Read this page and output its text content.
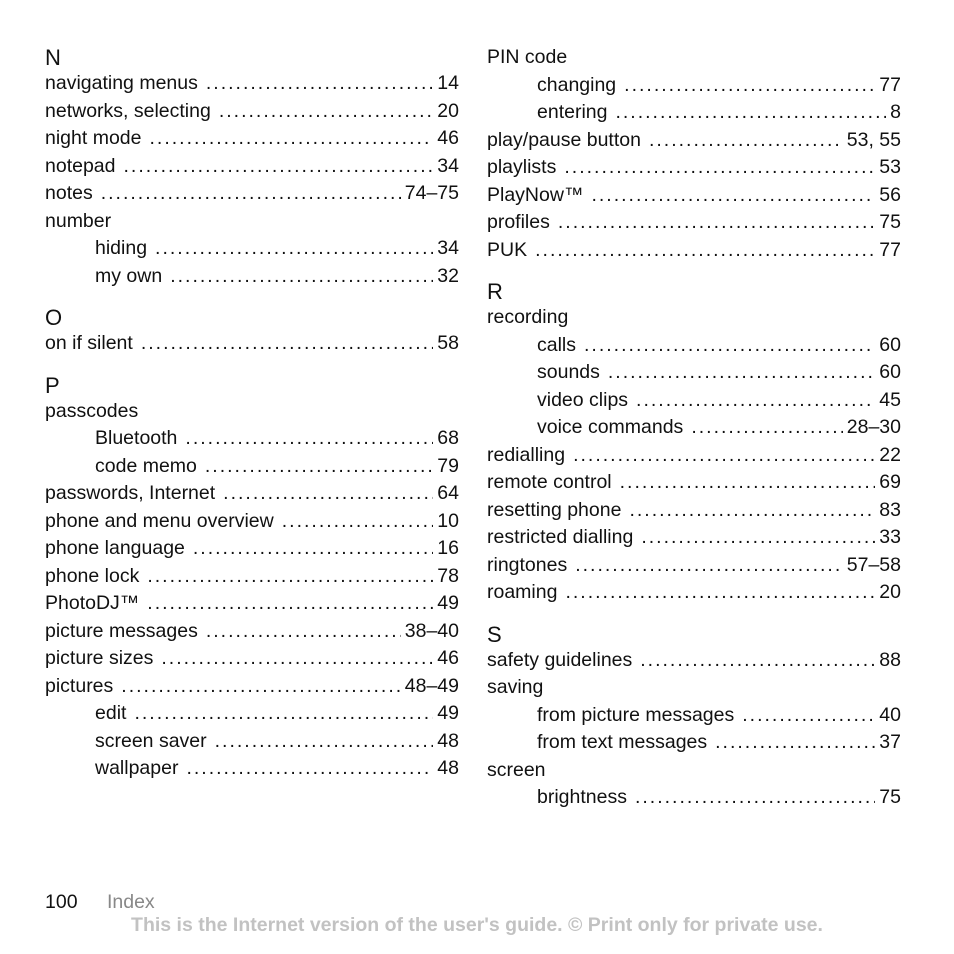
N
navigating menus .....	14
networks, selecting .....	20
night mode .....	46
notepad .....	34
notes .....	74–75
number
hiding .....	34
my own .....	32
O
on if silent .....	58
P
passcodes
Bluetooth .....	68
code memo .....	79
passwords, Internet .....	64
phone and menu overview .....	10
phone language .....	16
phone lock .....	78
PhotoDJ™ .....	49
picture messages .....	38–40
picture sizes .....	46
pictures .....	48–49
edit .....	49
screen saver .....	48
wallpaper .....	48
PIN code
changing .....	77
entering .....	8
play/pause button .....	53, 55
playlists .....	53
PlayNow™ .....	56
profiles .....	75
PUK .....	77
R
recording
calls .....	60
sounds .....	60
video clips .....	45
voice commands .....	28–30
redialling .....	22
remote control .....	69
resetting phone .....	83
restricted dialling .....	33
ringtones .....	57–58
roaming .....	20
S
safety guidelines .....	88
saving
from picture messages .....	40
from text messages .....	37
screen
brightness .....	75
100 Index
This is the Internet version of the user's guide. © Print only for private use.
